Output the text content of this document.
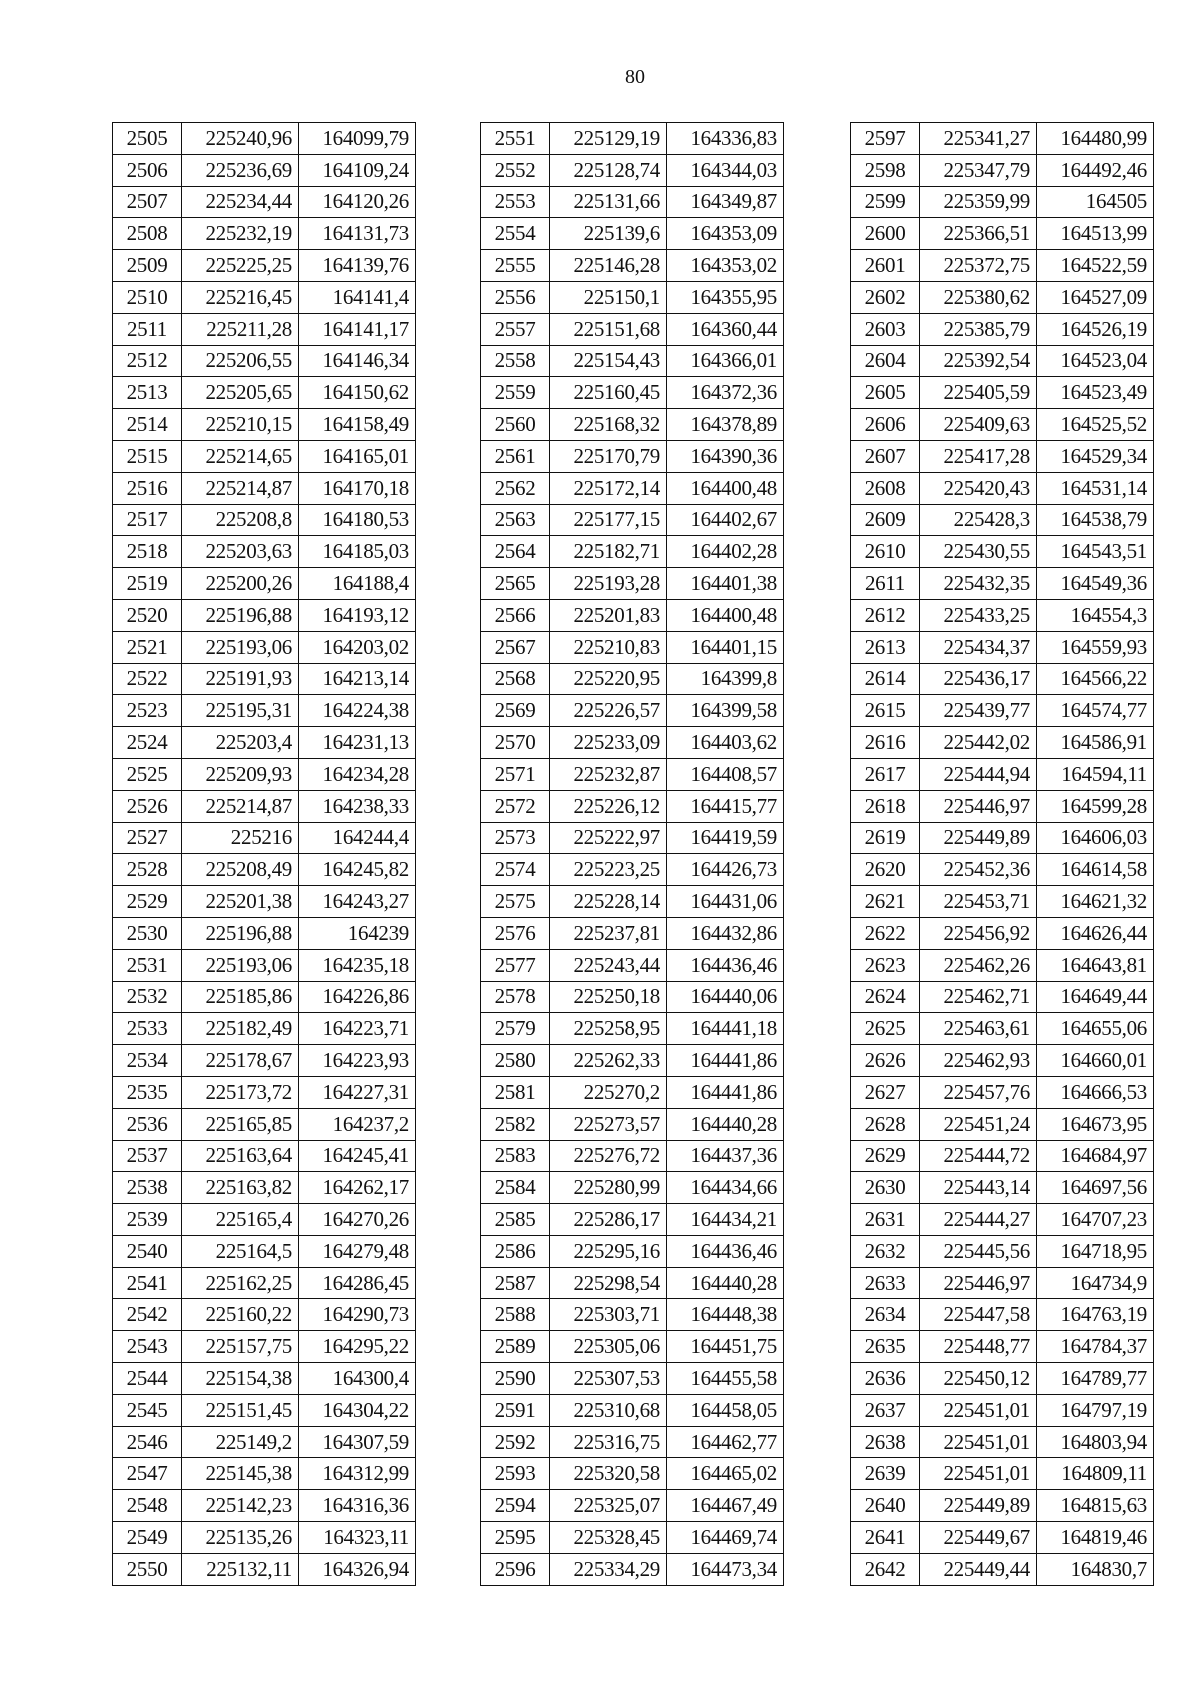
80
2505	225240,96	164099,79
2506	225236,69	164109,24
2507	225234,44	164120,26
2508	225232,19	164131,73
2509	225225,25	164139,76
2510	225216,45	164141,4
2511	225211,28	164141,17
2512	225206,55	164146,34
2513	225205,65	164150,62
2514	225210,15	164158,49
2515	225214,65	164165,01
2516	225214,87	164170,18
2517	225208,8	164180,53
2518	225203,63	164185,03
2519	225200,26	164188,4
2520	225196,88	164193,12
2521	225193,06	164203,02
2522	225191,93	164213,14
2523	225195,31	164224,38
2524	225203,4	164231,13
2525	225209,93	164234,28
2526	225214,87	164238,33
2527	225216	164244,4
2528	225208,49	164245,82
2529	225201,38	164243,27
2530	225196,88	164239
2531	225193,06	164235,18
2532	225185,86	164226,86
2533	225182,49	164223,71
2534	225178,67	164223,93
2535	225173,72	164227,31
2536	225165,85	164237,2
2537	225163,64	164245,41
2538	225163,82	164262,17
2539	225165,4	164270,26
2540	225164,5	164279,48
2541	225162,25	164286,45
2542	225160,22	164290,73
2543	225157,75	164295,22
2544	225154,38	164300,4
2545	225151,45	164304,22
2546	225149,2	164307,59
2547	225145,38	164312,99
2548	225142,23	164316,36
2549	225135,26	164323,11
2550	225132,11	164326,94
2551	225129,19	164336,83
2552	225128,74	164344,03
2553	225131,66	164349,87
2554	225139,6	164353,09
2555	225146,28	164353,02
2556	225150,1	164355,95
2557	225151,68	164360,44
2558	225154,43	164366,01
2559	225160,45	164372,36
2560	225168,32	164378,89
2561	225170,79	164390,36
2562	225172,14	164400,48
2563	225177,15	164402,67
2564	225182,71	164402,28
2565	225193,28	164401,38
2566	225201,83	164400,48
2567	225210,83	164401,15
2568	225220,95	164399,8
2569	225226,57	164399,58
2570	225233,09	164403,62
2571	225232,87	164408,57
2572	225226,12	164415,77
2573	225222,97	164419,59
2574	225223,25	164426,73
2575	225228,14	164431,06
2576	225237,81	164432,86
2577	225243,44	164436,46
2578	225250,18	164440,06
2579	225258,95	164441,18
2580	225262,33	164441,86
2581	225270,2	164441,86
2582	225273,57	164440,28
2583	225276,72	164437,36
2584	225280,99	164434,66
2585	225286,17	164434,21
2586	225295,16	164436,46
2587	225298,54	164440,28
2588	225303,71	164448,38
2589	225305,06	164451,75
2590	225307,53	164455,58
2591	225310,68	164458,05
2592	225316,75	164462,77
2593	225320,58	164465,02
2594	225325,07	164467,49
2595	225328,45	164469,74
2596	225334,29	164473,34
2597	225341,27	164480,99
2598	225347,79	164492,46
2599	225359,99	164505
2600	225366,51	164513,99
2601	225372,75	164522,59
2602	225380,62	164527,09
2603	225385,79	164526,19
2604	225392,54	164523,04
2605	225405,59	164523,49
2606	225409,63	164525,52
2607	225417,28	164529,34
2608	225420,43	164531,14
2609	225428,3	164538,79
2610	225430,55	164543,51
2611	225432,35	164549,36
2612	225433,25	164554,3
2613	225434,37	164559,93
2614	225436,17	164566,22
2615	225439,77	164574,77
2616	225442,02	164586,91
2617	225444,94	164594,11
2618	225446,97	164599,28
2619	225449,89	164606,03
2620	225452,36	164614,58
2621	225453,71	164621,32
2622	225456,92	164626,44
2623	225462,26	164643,81
2624	225462,71	164649,44
2625	225463,61	164655,06
2626	225462,93	164660,01
2627	225457,76	164666,53
2628	225451,24	164673,95
2629	225444,72	164684,97
2630	225443,14	164697,56
2631	225444,27	164707,23
2632	225445,56	164718,95
2633	225446,97	164734,9
2634	225447,58	164763,19
2635	225448,77	164784,37
2636	225450,12	164789,77
2637	225451,01	164797,19
2638	225451,01	164803,94
2639	225451,01	164809,11
2640	225449,89	164815,63
2641	225449,67	164819,46
2642	225449,44	164830,7
